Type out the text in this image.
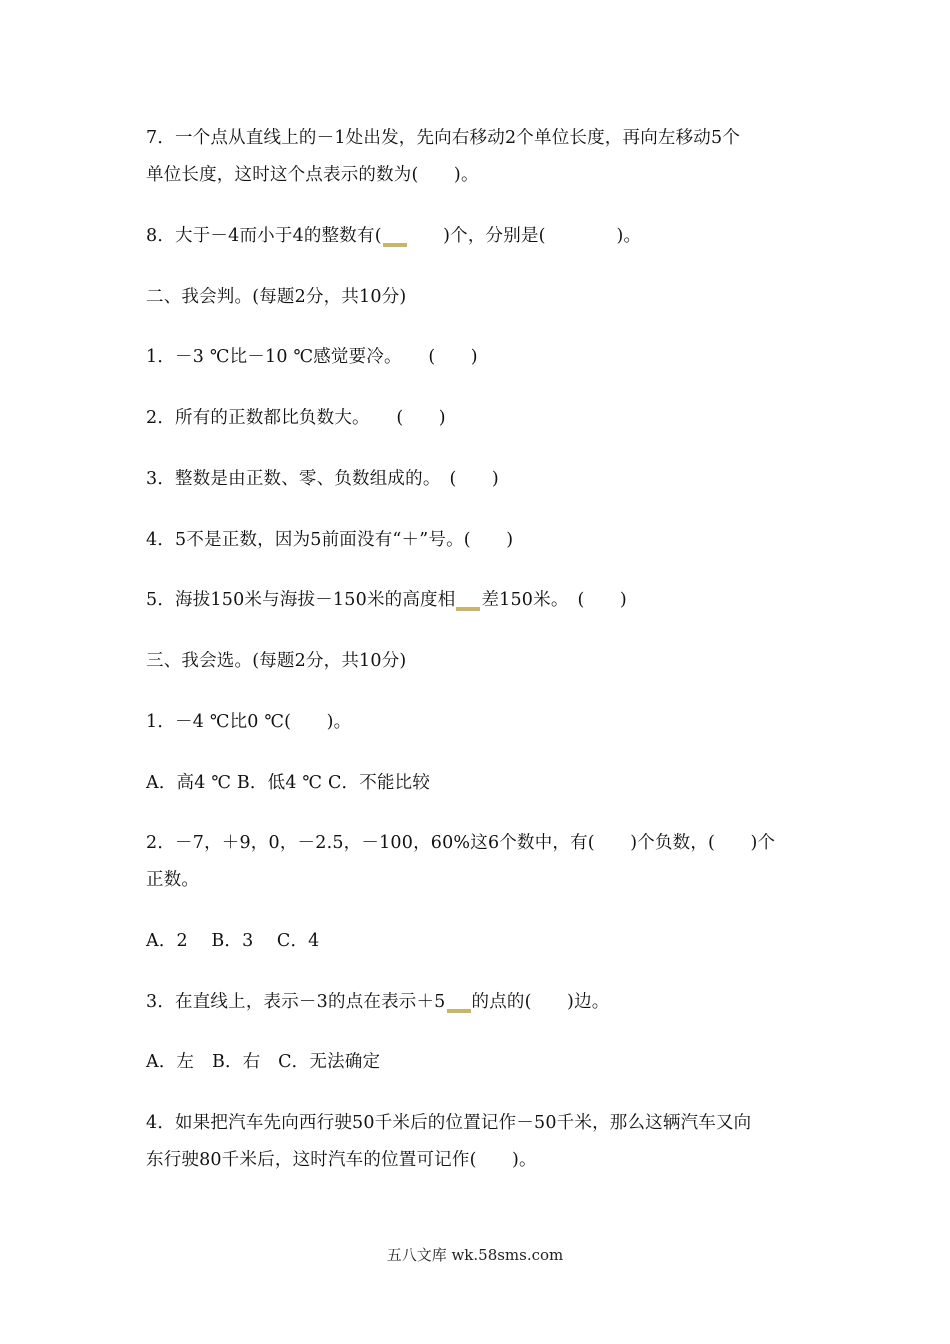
7．一个点从直线上的－1处出发，先向右移动2个单位长度，再向左移动5个
单位长度，这时这个点表示的数为(　　)。
8．大于－4而小于4的整数有(　　)个，分别是(　　　　)。
二、我会判。(每题2分，共10分)
1．－3 ℃比－10 ℃感觉要冷。　　(　　)
2．所有的正数都比负数大。　　(　　)
3．整数是由正数、零、负数组成的。　(　　)
4．5不是正数，因为5前面没有“＋”号。(　　)
5．海拔150米与海拔－150米的高度相 差150米。　(　　)
三、我会选。(每题2分，共10分)
1．－4 ℃比0 ℃(　　)。
A．高4 ℃ B．低4 ℃ C．不能比较
2．－7，＋9，0，－2.5，－100，60%这6个数中，有(　　)个负数，(　　)个
正数。
A．2　 B．3　 C．4
3．在直线上，表示－3的点在表示＋5 的点的(　　)边。
A．左　B．右　C．无法确定
4．如果把汽车先向西行驶50千米后的位置记作－50千米，那么这辆汽车又向
东行驶80千米后，这时汽车的位置可记作(　　)。
五八文库 wk.58sms.com
